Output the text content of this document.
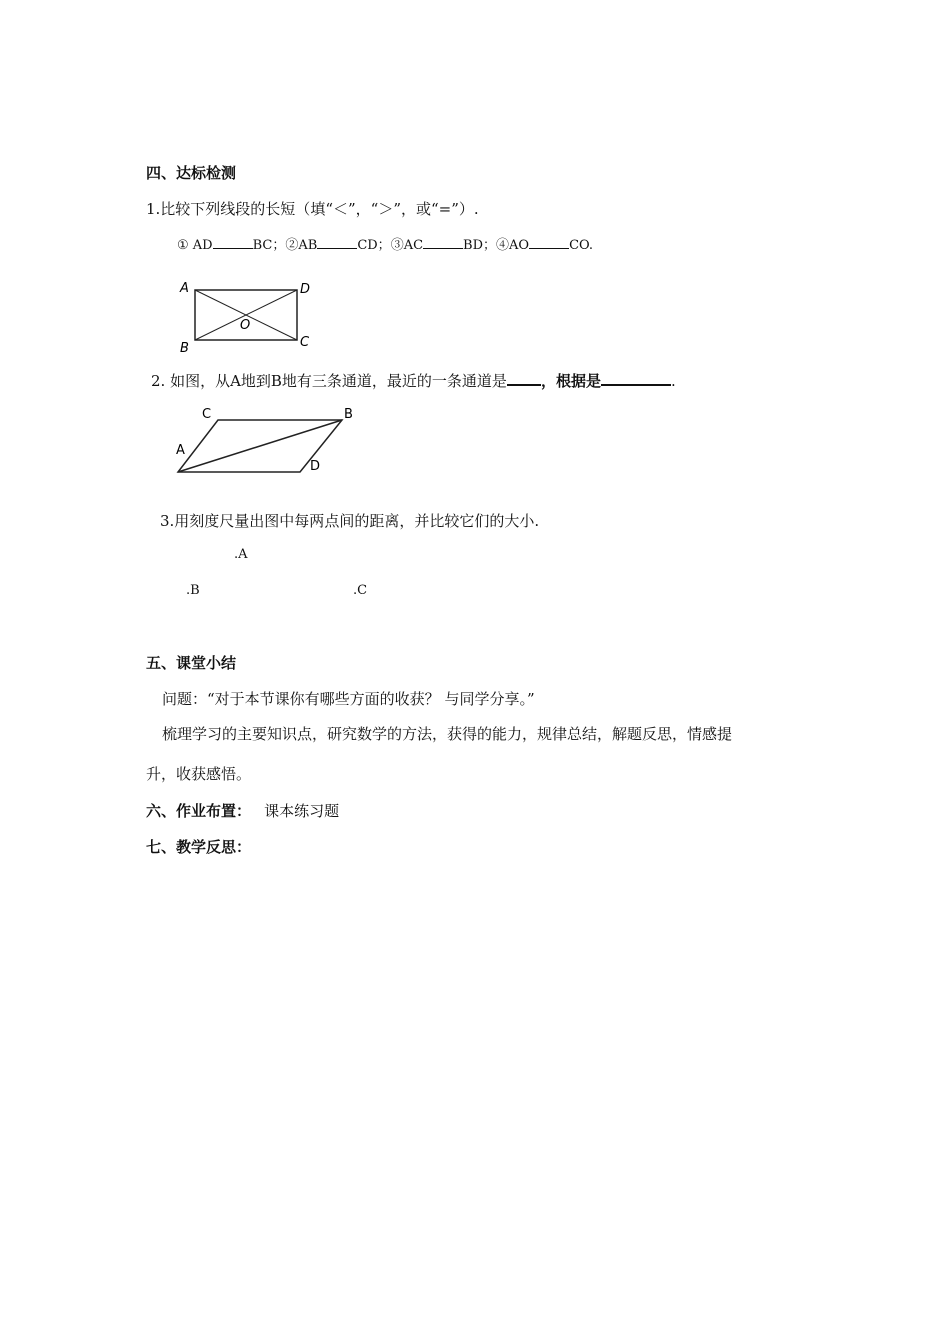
四、达标检测
1.比较下列线段的长短（填“＜”，“＞”，或“=”）.
① AD	BC；②AB	CD；③AC	BD；④AO	CO.
A
B	C
D
O
2. 如图，从A地到B地有三条通道，最近的一条通道是 ，根据是	.
C	B
A
D
3.用刻度尺量出图中每两点间的距离，并比较它们的大小.
.A
.B	.C
五、课堂小结
问题：“对于本节课你有哪些方面的收获？ 与同学分享。”
梳理学习的主要知识点，研究数学的方法，获得的能力，规律总结，解题反思，情感提
升，收获感悟。
六、作业布置： 课本练习题
七、教学反思：
